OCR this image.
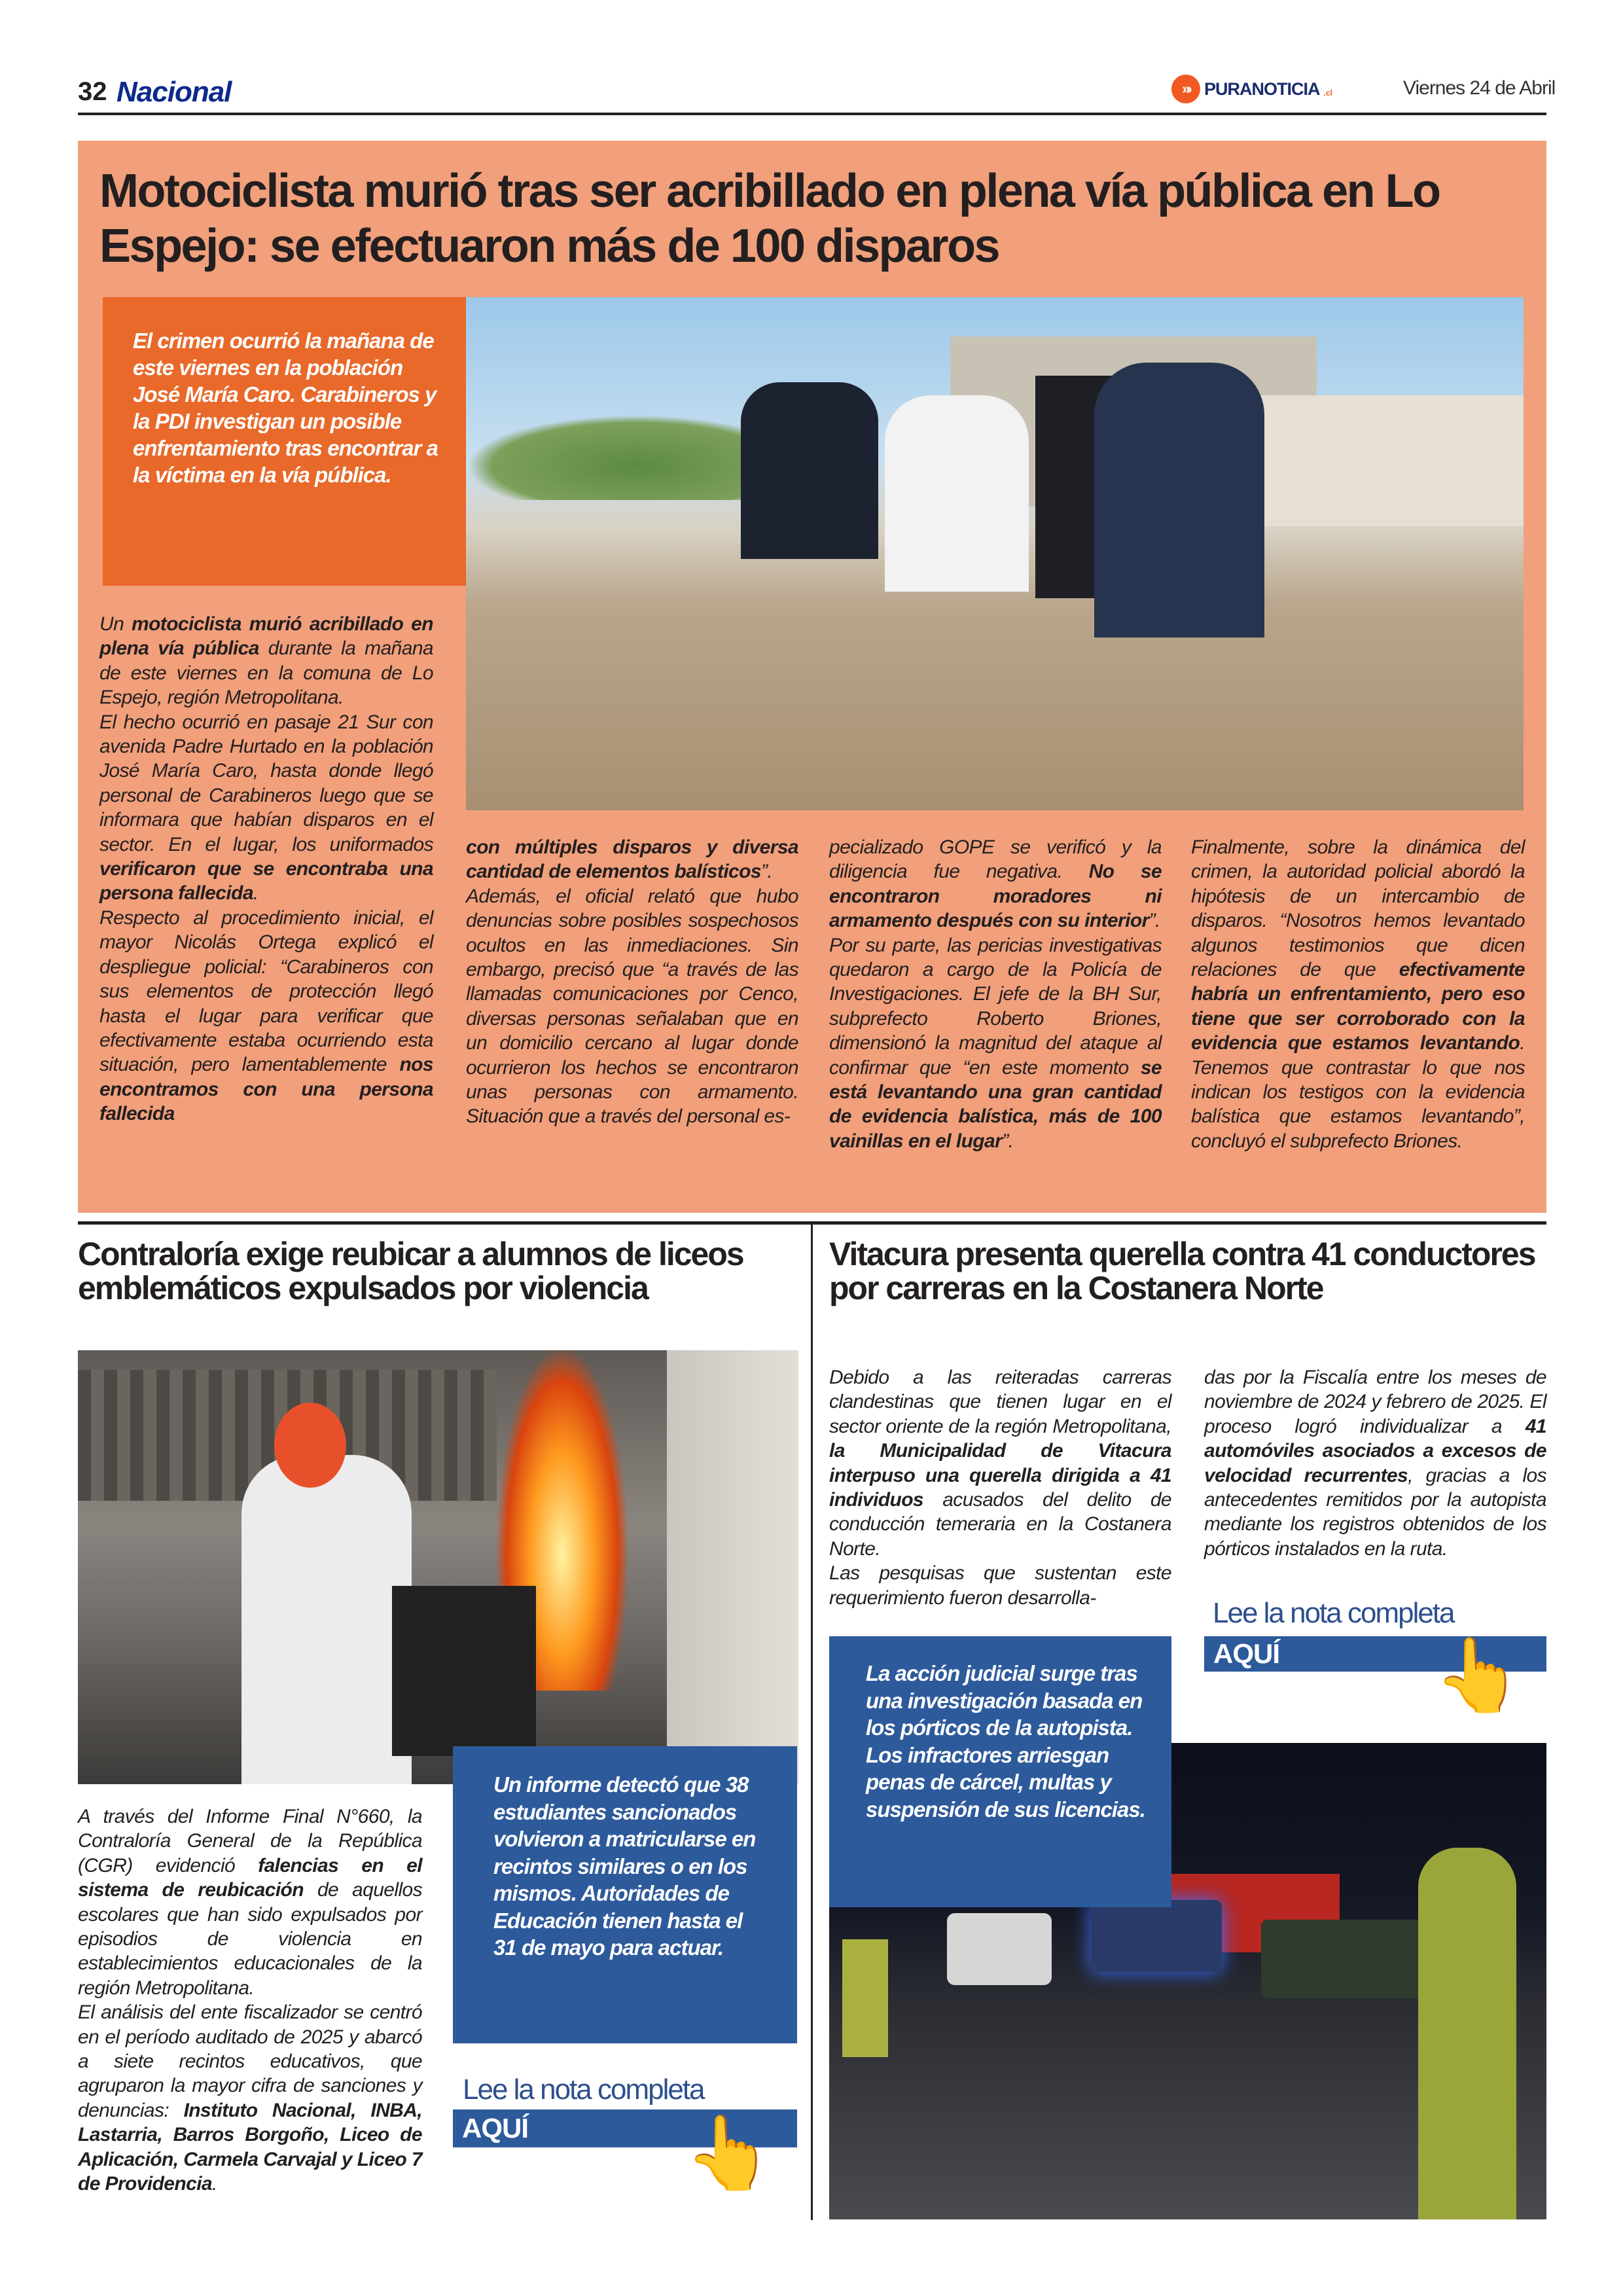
32 Nacional	»› PURANOTICIA .cl	Viernes 24 de Abril
Motociclista murió tras ser acribillado en plena vía pública en Lo Espejo: se efectuaron más de 100 disparos
El crimen ocurrió la mañana de este viernes en la población José María Caro. Carabineros y la PDI investigan un posible enfrentamiento tras encontrar a la víctima en la vía pública.

Un motociclista murió acribillado en plena vía pública durante la mañana de este viernes en la comuna de Lo Espejo, región Metropolitana.

El hecho ocurrió en pasaje 21 Sur con avenida Padre Hurtado en la población José María Caro, hasta donde llegó personal de Carabineros luego que se informara que habían disparos en el sector. En el lugar, los uniformados verificaron que se encontraba una persona fallecida.

Respecto al procedimiento inicial, el mayor Nicolás Ortega explicó el despliegue policial: “Carabineros con sus elementos de protección llegó hasta el lugar para verificar que efectivamente estaba ocurriendo esta situación, pero lamentablemente nos encontramos con una persona fallecida

con múltiples disparos y diversa cantidad de elementos balísticos”.

Además, el oficial relató que hubo denuncias sobre posibles sospechosos ocultos en las inmediaciones. Sin embargo, precisó que “a través de las llamadas comunicaciones por Cenco, diversas personas señalaban que en un domicilio cercano al lugar donde ocurrieron los hechos se encontraron unas personas con armamento. Situación que a través del personal es-

pecializado GOPE se verificó y la diligencia fue negativa. No se encontraron moradores ni armamento después con su interior”.

Por su parte, las pericias investigativas quedaron a cargo de la Policía de Investigaciones. El jefe de la BH Sur, subprefecto Roberto Briones, dimensionó la magnitud del ataque al confirmar que “en este momento se está levantando una gran cantidad de evidencia balística, más de 100 vainillas en el lugar”.

Finalmente, sobre la dinámica del crimen, la autoridad policial abordó la hipótesis de un intercambio de disparos. “Nosotros hemos levantado algunos testimonios que dicen relaciones de que efectivamente habría un enfrentamiento, pero eso tiene que ser corroborado con la evidencia que estamos levantando. Tenemos que contrastar lo que nos indican los testigos con la evidencia balística que estamos levantando”, concluyó el subprefecto Briones.

Contraloría exige reubicar a alumnos de liceos emblemáticos expulsados por violencia
Un informe detectó que 38 estudiantes sancionados volvieron a matricularse en recintos similares o en los mismos. Autoridades de Educación tienen hasta el 31 de mayo para actuar.

A través del Informe Final N°660, la Contraloría General de la República (CGR) evidenció falencias en el sistema de reubicación de aquellos escolares que han sido expulsados por episodios de violencia en establecimientos educacionales de la región Metropolitana.

El análisis del ente fiscalizador se centró en el período auditado de 2025 y abarcó a siete recintos educativos, que agruparon la mayor cifra de sanciones y denuncias: Instituto Nacional, INBA, Lastarria, Barros Borgoño, Liceo de Aplicación, Carmela Carvajal y Liceo 7 de Providencia.

Lee la nota completa
AQUÍ	👆
Vitacura presenta querella contra 41 conductores por carreras en la Costanera Norte

Debido a las reiteradas carreras clandestinas que tienen lugar en el sector oriente de la región Metropolitana, la Municipalidad de Vitacura interpuso una querella dirigida a 41 individuos acusados del delito de conducción temeraria en la Costanera Norte.

Las pesquisas que sustentan este requerimiento fueron desarrolla-

das por la Fiscalía entre los meses de noviembre de 2024 y febrero de 2025. El proceso logró individualizar a 41 automóviles asociados a excesos de velocidad recurrentes, gracias a los antecedentes remitidos por la autopista mediante los registros obtenidos de los pórticos instalados en la ruta.

Lee la nota completa
AQUÍ	👆
La acción judicial surge tras una investigación basada en los pórticos de la autopista. Los infractores arriesgan penas de cárcel, multas y suspensión de sus licencias.
